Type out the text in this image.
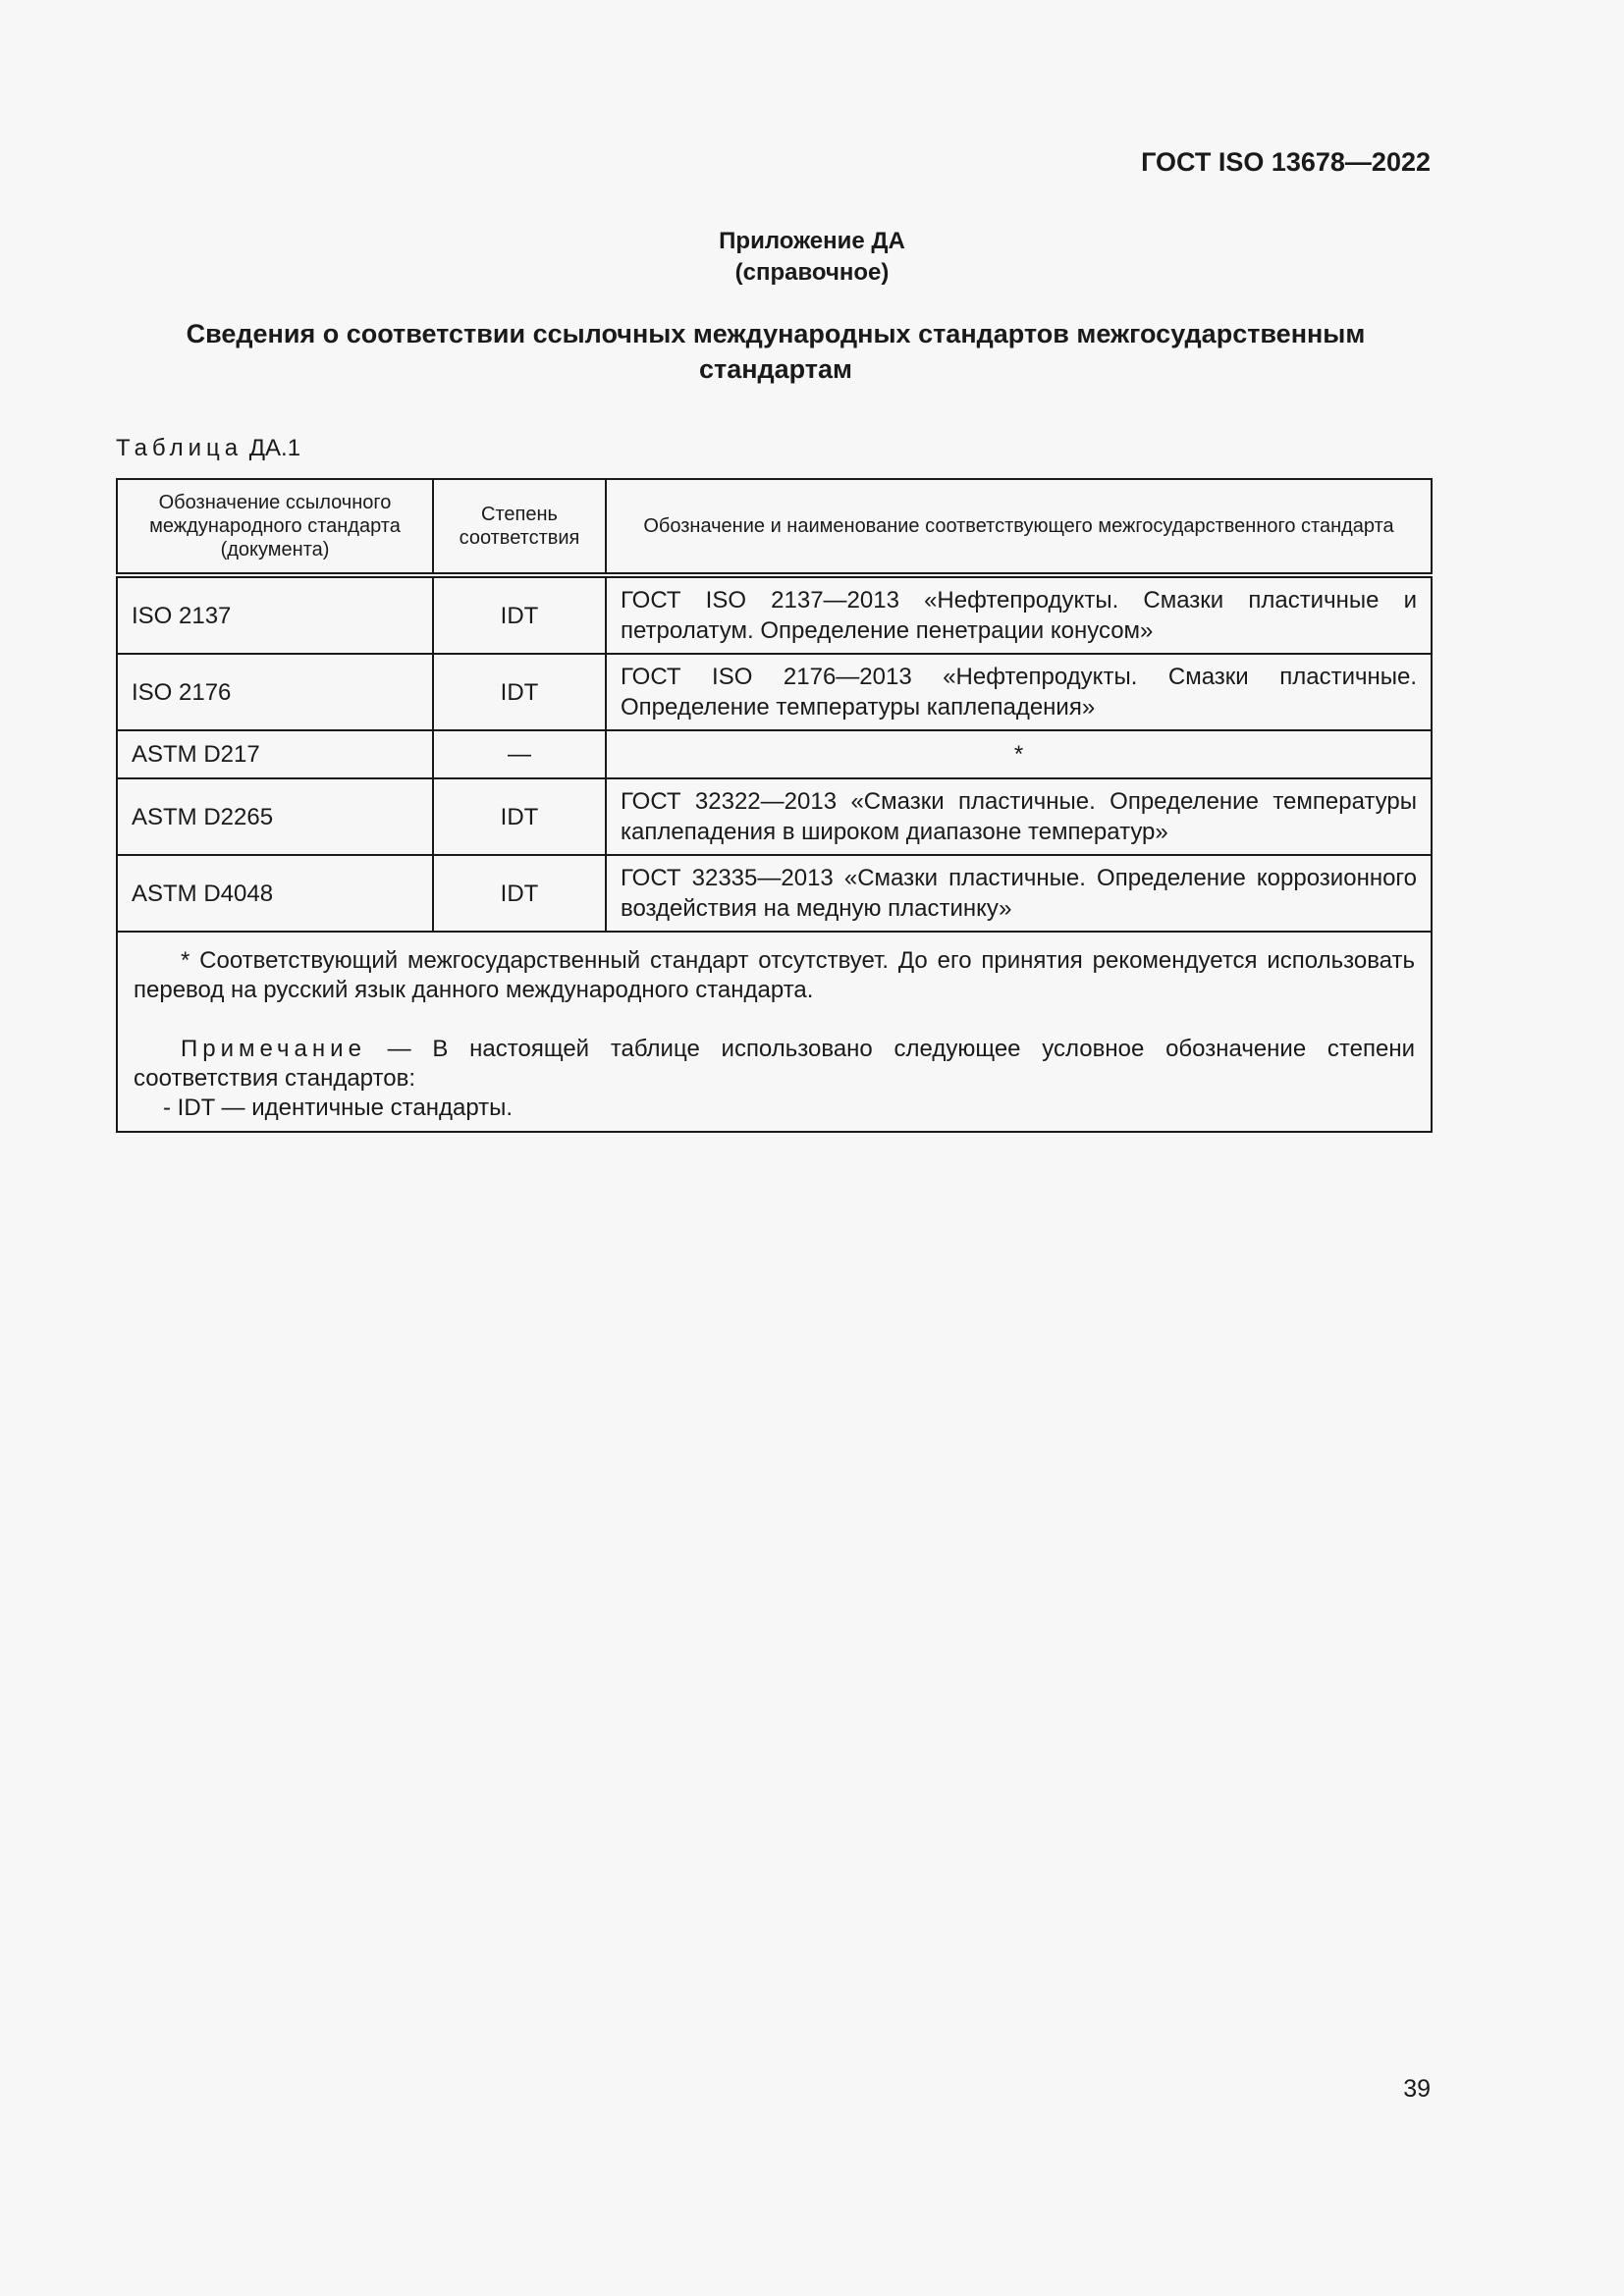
ГОСТ ISO 13678—2022
Приложение ДА
(справочное)
Сведения о соответствии ссылочных международных стандартов межгосударственным
стандартам
Таблица ДА.1
Обозначение ссылочного международного стандарта (документа)	Степень соответствия	Обозначение и наименование соответствующего межгосударственного стандарта
ISO 2137	IDT	ГОСТ ISO 2137—2013 «Нефтепродукты. Смазки пластичные и петролатум. Определение пенетрации конусом»
ISO 2176	IDT	ГОСТ ISO 2176—2013 «Нефтепродукты. Смазки пластичные. Определение температуры каплепадения»
ASTM D217	—	*
ASTM D2265	IDT	ГОСТ 32322—2013 «Смазки пластичные. Определение температуры каплепадения в широком диапазоне температур»
ASTM D4048	IDT	ГОСТ 32335—2013 «Смазки пластичные. Определение коррозионного воздействия на медную пластинку»

* Соответствующий межгосударственный стандарт отсутствует. До его принятия рекомендуется использовать перевод на русский язык данного международного стандарта.

Примечание — В настоящей таблице использовано следующее условное обозначение степени соответствия стандартов:

- IDT — идентичные стандарты.		

39
